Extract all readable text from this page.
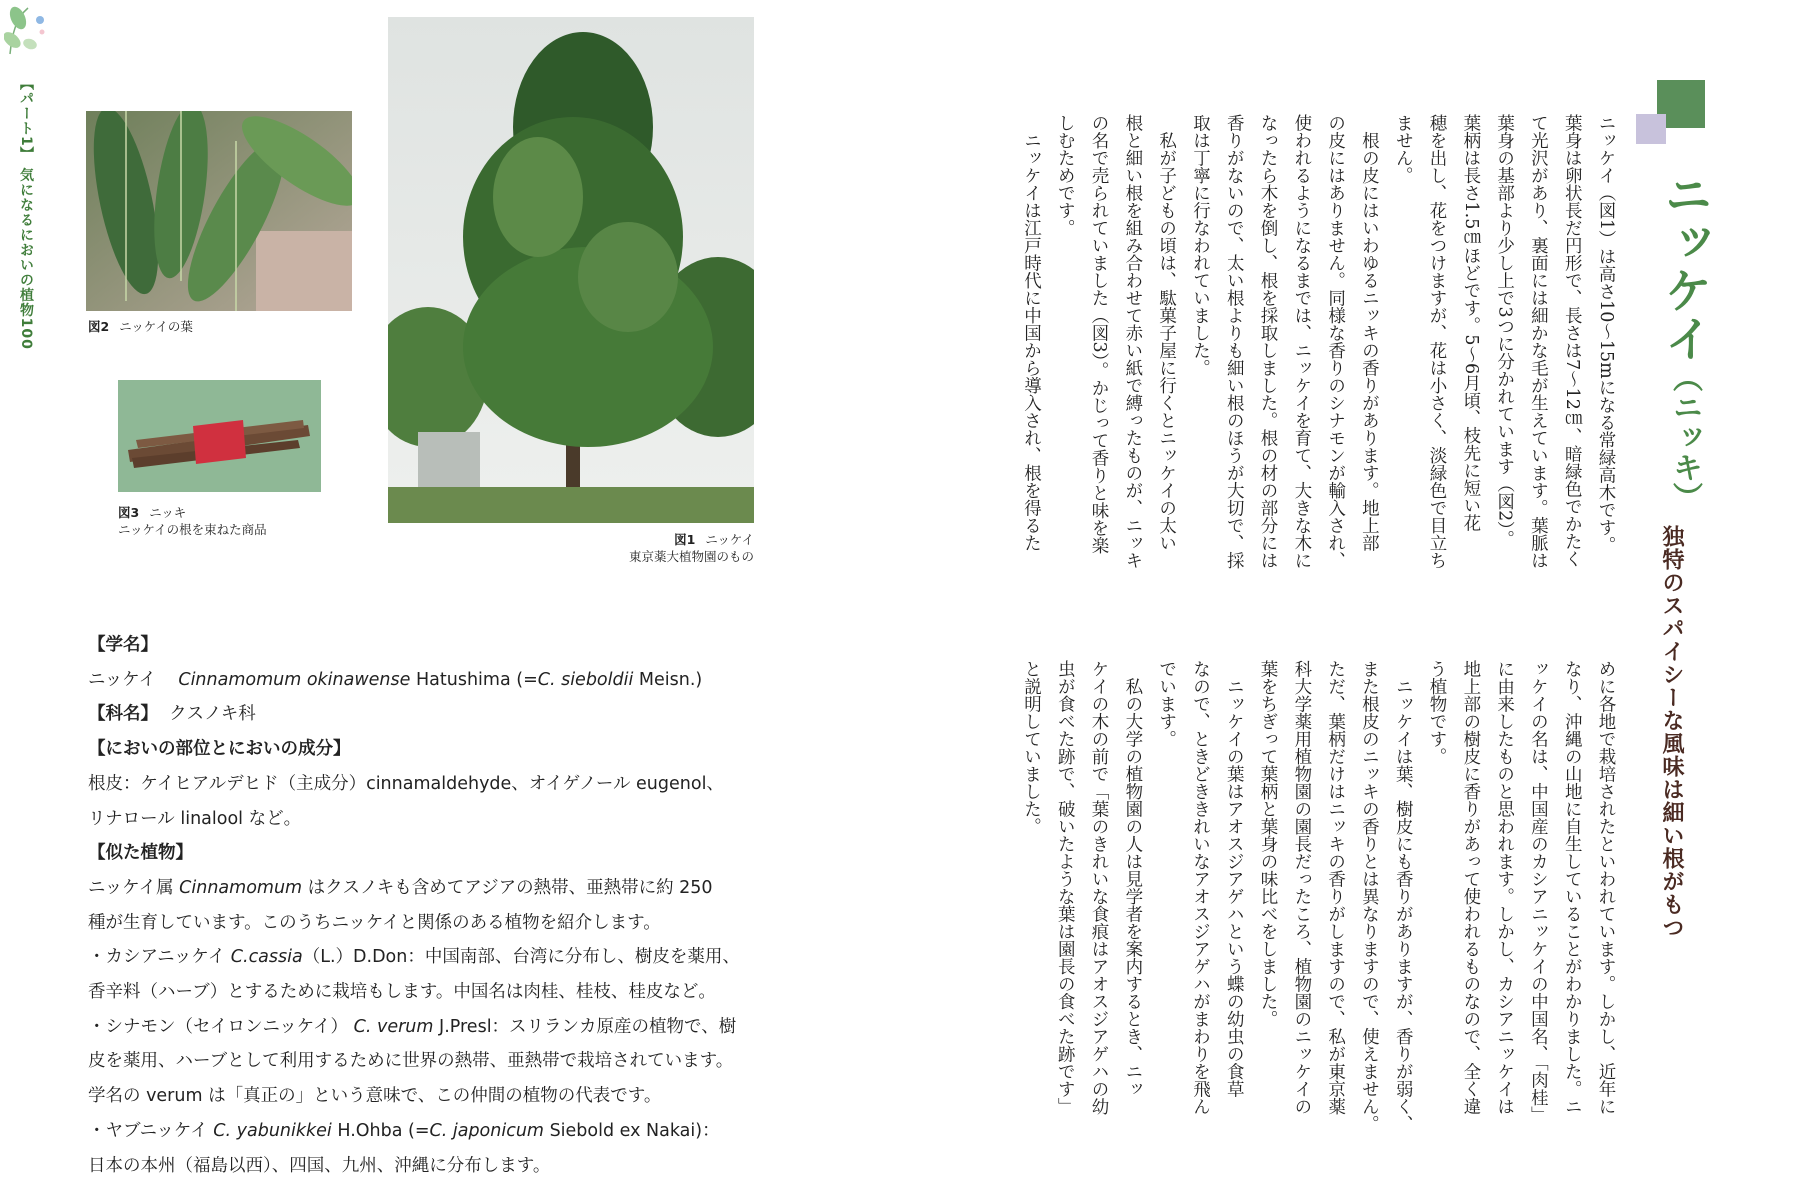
【パート1】 気になるにおいの植物100	図2 ニッケイの葉
図3 ニッキ
ニッケイの根を束ねた商品
図1 ニッケイ
東京薬大植物園のもの
【学名】
ニッケイ Cinnamomum okinawense Hatushima (=C. sieboldii Meisn.)
【科名】 クスノキ科
【においの部位とにおいの成分】
根皮：ケイヒアルデヒド（主成分）cinnamaldehyde、オイゲノール eugenol、
リナロール linalool など。
【似た植物】
ニッケイ属 Cinnamomum はクスノキも含めてアジアの熱帯、亜熱帯に約 250
種が生育しています。このうちニッケイと関係のある植物を紹介します。
・カシアニッケイ C.cassia（L.）D.Don：中国南部、台湾に分布し、樹皮を薬用、
香辛料（ハーブ）とするために栽培もします。中国名は肉桂、桂枝、桂皮など。
・シナモン（セイロンニッケイ） C. verum J.Presl：スリランカ原産の植物で、樹
皮を薬用、ハーブとして利用するために世界の熱帯、亜熱帯で栽培されています。
学名の verum は「真正の」という意味で、この仲間の植物の代表です。
・ヤブニッケイ C. yabunikkei H.Ohba (=C. japonicum Siebold ex Nakai)：
日本の本州（福島以西）、四国、九州、沖縄に分布します。
ニッケイ（ニッキ）
独特のスパイシーな風味は細い根がもつ
ニッケイ（図1）は高さ10〜15mになる常緑高木です。
葉身は卵状長だ円形で、長さは7〜12㎝、暗緑色でかたく
て光沢があり、裏面には細かな毛が生えています。葉脈は
葉身の基部より少し上で3つに分かれています（図2）。
葉柄は長さ1.5㎝ほどです。5〜6月頃、枝先に短い花
穂を出し、花をつけますが、花は小さく、淡緑色で目立ち
ません。
　根の皮にはいわゆるニッキの香りがあります。地上部
の皮にはありません。同様な香りのシナモンが輸入され、
使われるようになるまでは、ニッケイを育て、大きな木に
なったら木を倒し、根を採取しました。根の材の部分には
香りがないので、太い根よりも細い根のほうが大切で、採
取は丁寧に行なわれていました。
　私が子どもの頃は、駄菓子屋に行くとニッケイの太い
根と細い根を組み合わせて赤い紙で縛ったものが、ニッキ
の名で売られていました（図3）。かじって香りと味を楽
しむためです。
　ニッケイは江戸時代に中国から導入され、根を得るた
めに各地で栽培されたといわれています。しかし、近年に
なり、沖縄の山地に自生していることがわかりました。ニ
ッケイの名は、中国産のカシアニッケイの中国名、「肉桂」
に由来したものと思われます。しかし、カシアニッケイは
地上部の樹皮に香りがあって使われるものなので、全く違
う植物です。
　ニッケイは葉、樹皮にも香りがありますが、香りが弱く、
また根皮のニッキの香りとは異なりますので、使えません。
ただ、葉柄だけはニッキの香りがしますので、私が東京薬
科大学薬用植物園の園長だったころ、植物園のニッケイの
葉をちぎって葉柄と葉身の味比べをしました。
　ニッケイの葉はアオスジアゲハという蝶の幼虫の食草
なので、ときどききれいなアオスジアゲハがまわりを飛ん
でいます。
　私の大学の植物園の人は見学者を案内するとき、ニッ
ケイの木の前で「葉のきれいな食痕はアオスジアゲハの幼
虫が食べた跡で、破いたような葉は園長の食べた跡です」
と説明していました。
